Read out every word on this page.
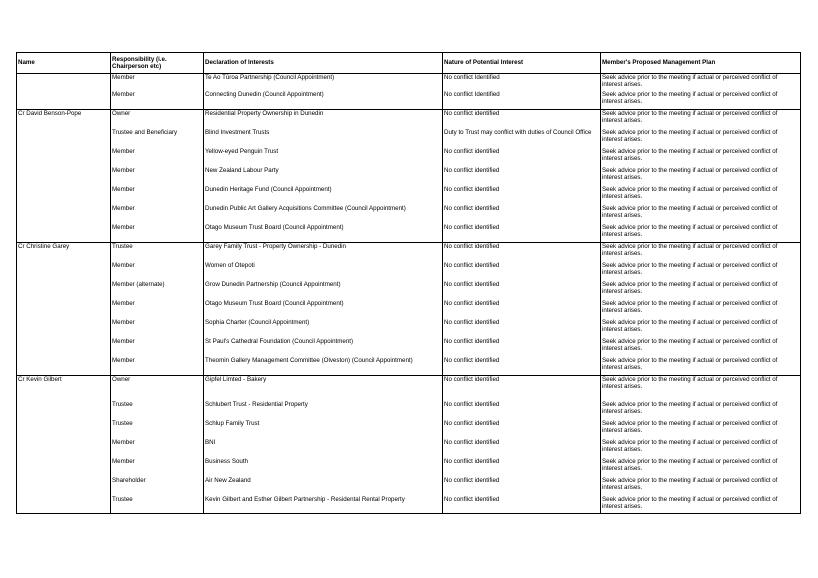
Name	Responsibility (i.e. Chairperson etc)	Declaration of Interests	Nature of Potential Interest	Member's Proposed Management Plan
	Member	Te Ao Tūroa Partnership (Council Appointment)	No conflict Identified	Seek advice prior to the meeting if actual or perceived conflict of interest arises.
	Member	Connecting Dunedin (Council Appointment)	No conflict Identified	Seek advice prior to the meeting if actual or perceived conflict of interest arises.
Cr David Benson-Pope	Owner	Residential Property Ownership in Dunedin	No conflict identified	Seek advice prior to the meeting if actual or perceived conflict of interest arises.
	Trustee and Beneficiary	Blind Investment Trusts	Duty to Trust may conflict with duties of Council Office	Seek advice prior to the meeting if actual or perceived conflict of interest arises.
	Member	Yellow-eyed Penguin Trust	No conflict identified	Seek advice prior to the meeting if actual or perceived conflict of interest arises.
	Member	New Zealand Labour Party	No conflict identified	Seek advice prior to the meeting if actual or perceived conflict of interest arises.
	Member	Dunedin Heritage Fund (Council Appointment)	No conflict identified	Seek advice prior to the meeting if actual or perceived conflict of interest arises.
	Member	Dunedin Public Art Gallery Acquisitions Committee (Council Appointment)	No conflict identified	Seek advice prior to the meeting if actual or perceived conflict of interest arises.
	Member	Otago Museum Trust Board (Council Appointment)	No conflict identified	Seek advice prior to the meeting if actual or perceived conflict of interest arises.
Cr Christine Garey	Trustee	Garey Family Trust - Property Ownership - Dunedin	No conflict identified	Seek advice prior to the meeting if actual or perceived conflict of interest arises.
	Member	Women of Ōtepoti	No conflict identified	Seek advice prior to the meeting if actual or perceived conflict of interest arises.
	Member (alternate)	Grow Dunedin Partnership (Council Appointment)	No conflict identified	Seek advice prior to the meeting if actual or perceived conflict of interest arises.
	Member	Otago Museum Trust Board (Council Appointment)	No conflict identified	Seek advice prior to the meeting if actual or perceived conflict of interest arises.
	Member	Sophia Charter (Council Appointment)	No conflict identified	Seek advice prior to the meeting if actual or perceived conflict of interest arises.
	Member	St Paul's Cathedral Foundation (Council Appointment)	No conflict identified	Seek advice prior to the meeting if actual or perceived conflict of interest arises.
	Member	Theomin Gallery Management Committee (Olveston) (Council Appointment)	No conflict identified	Seek advice prior to the meeting if actual or perceived conflict of interest arises.
Cr Kevin Gilbert	Owner	Gipfel Limted - Bakery	No conflict identified	Seek advice prior to the meeting if actual or perceived conflict of interest arises.
	Trustee	Schlubert Trust - Residential Property	No conflict identified	Seek advice prior to the meeting if actual or perceived conflict of interest arises.
	Trustee	Schlup Family Trust	No conflict identified	Seek advice prior to the meeting if actual or perceived conflict of interest arises.
	Member	BNI	No conflict identified	Seek advice prior to the meeting if actual or perceived conflict of interest arises.
	Member	Business South	No conflict identified	Seek advice prior to the meeting if actual or perceived conflict of interest arises.
	Shareholder	Air New Zealand	No conflict identified	Seek advice prior to the meeting if actual or perceived conflict of interest arises.
	Trustee	Kevin Gilbert and Esther Gilbert Partnership - Residental Rental Property	No conflict identified	Seek advice prior to the meeting if actual or perceived conflict of interest arises.
